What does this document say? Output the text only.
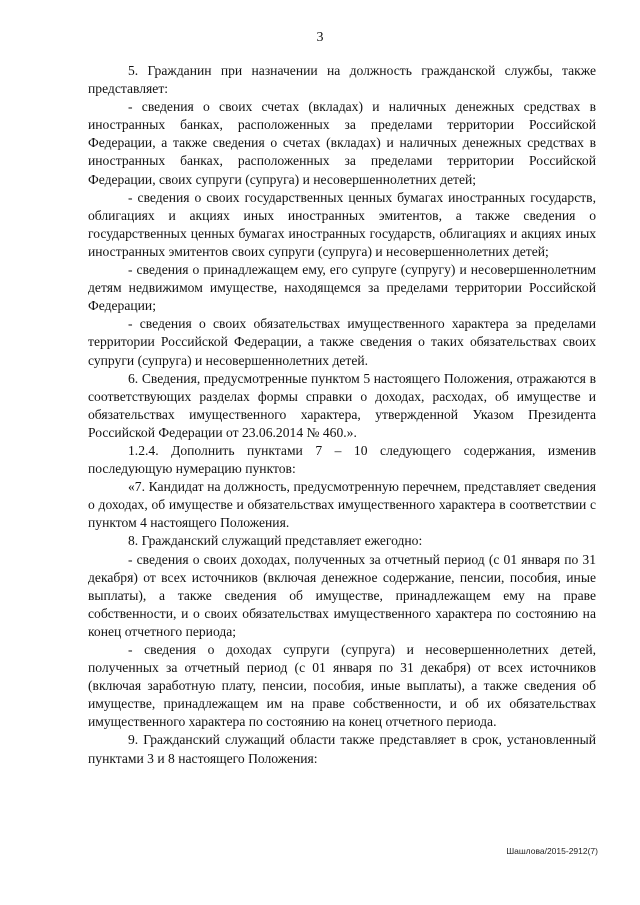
3

5. Гражданин при назначении на должность гражданской службы, также представляет:

- сведения о своих счетах (вкладах) и наличных денежных средствах в иностранных банках, расположенных за пределами территории Российской Федерации, а также сведения о счетах (вкладах) и наличных денежных средствах в иностранных банках, расположенных за пределами территории Российской Федерации, своих супруги (супруга) и несовершеннолетних детей;

- сведения о своих государственных ценных бумагах иностранных государств, облигациях и акциях иных иностранных эмитентов, а также сведения о государственных ценных бумагах иностранных государств, облигациях и акциях иных иностранных эмитентов своих супруги (супруга) и несовершеннолетних детей;

- сведения о принадлежащем ему, его супруге (супругу) и несовершеннолетним детям недвижимом имуществе, находящемся за пределами территории Российской Федерации;

- сведения о своих обязательствах имущественного характера за пределами территории Российской Федерации, а также сведения о таких обязательствах своих супруги (супруга) и несовершеннолетних детей.

6. Сведения, предусмотренные пунктом 5 настоящего Положения, отражаются в соответствующих разделах формы справки о доходах, расходах, об имуществе и обязательствах имущественного характера, утвержденной Указом Президента Российской Федерации от 23.06.2014 № 460.».

1.2.4. Дополнить пунктами 7 – 10 следующего содержания, изменив последующую нумерацию пунктов:

«7. Кандидат на должность, предусмотренную перечнем, представляет сведения о доходах, об имуществе и обязательствах имущественного характера в соответствии с пунктом 4 настоящего Положения.

8. Гражданский служащий представляет ежегодно:

- сведения о своих доходах, полученных за отчетный период (с 01 января по 31 декабря) от всех источников (включая денежное содержание, пенсии, пособия, иные выплаты), а также сведения об имуществе, принадлежащем ему на праве собственности, и о своих обязательствах имущественного характера по состоянию на конец отчетного периода;

- сведения о доходах супруги (супруга) и несовершеннолетних детей, полученных за отчетный период (с 01 января по 31 декабря) от всех источников (включая заработную плату, пенсии, пособия, иные выплаты), а также сведения об имуществе, принадлежащем им на праве собственности, и об их обязательствах имущественного характера по состоянию на конец отчетного периода.

9. Гражданский служащий области также представляет в срок, установленный пунктами 3 и 8 настоящего Положения:

Шашлова/2015-2912(7)
